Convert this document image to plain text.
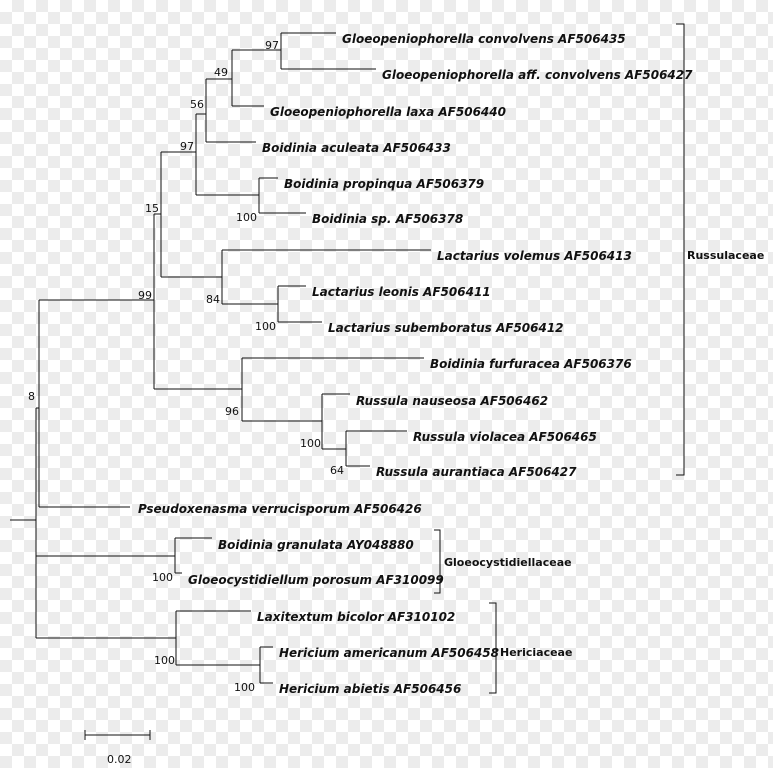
Gloeopeniophorella convolvens AF506435
Gloeopeniophorella aff. convolvens AF506427
Gloeopeniophorella laxa AF506440
Boidinia aculeata AF506433
Boidinia propinqua AF506379
Boidinia sp. AF506378
Lactarius volemus AF506413
Lactarius leonis AF506411
Lactarius subemboratus AF506412
Boidinia furfuracea AF506376
Russula nauseosa AF506462
Russula violacea AF506465
Russula aurantiaca AF506427
Pseudoxenasma verrucisporum AF506426
Boidinia granulata AY048880
Gloeocystidiellum porosum AF310099
Laxitextum bicolor AF310102
Hericium americanum AF506458
Hericium abietis AF506456
97
49
56
97
100
15
84
100
99
96
100
64
8
100
100
100
Russulaceae
Gloeocystidiellaceae
Hericiaceae
0.02
